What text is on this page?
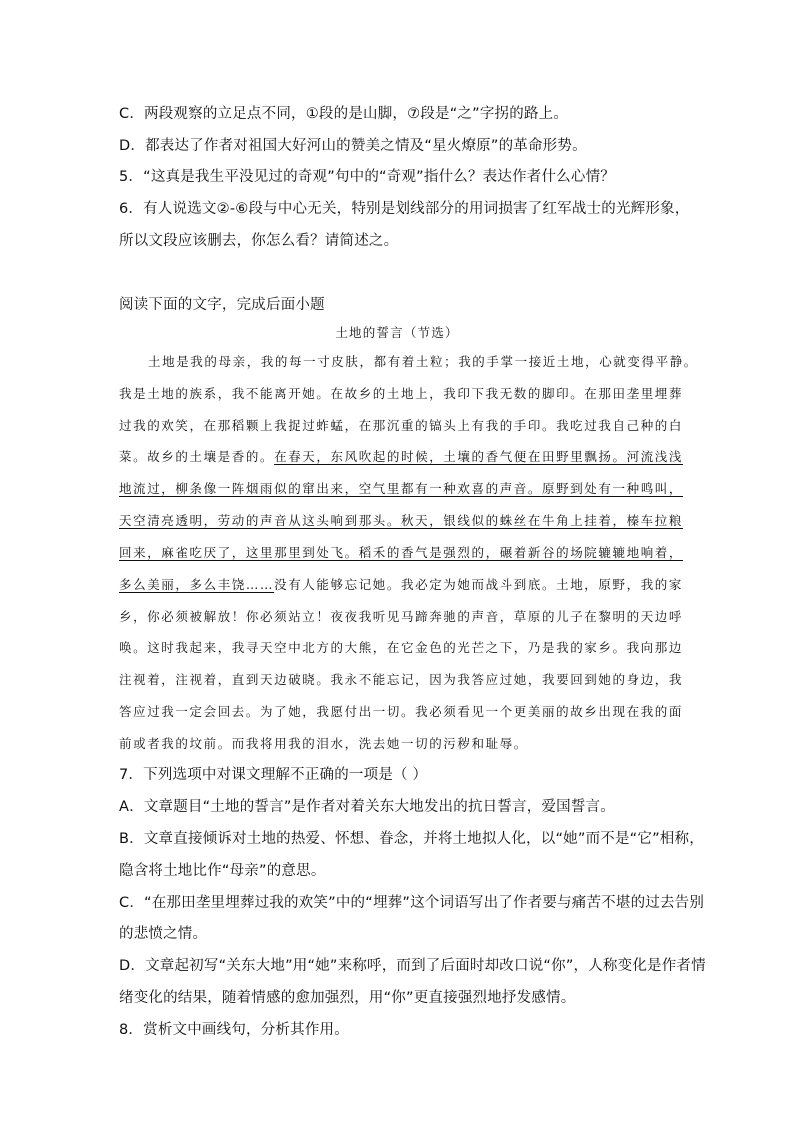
C．两段观察的立足点不同，①段的是山脚，⑦段是“之”字拐的路上。
D．都表达了作者对祖国大好河山的赞美之情及“星火燎原”的革命形势。
5．“这真是我生平没见过的奇观”句中的“奇观”指什么？表达作者什么心情？
6．有人说选文②-⑥段与中心无关，特别是划线部分的用词损害了红军战士的光辉形象，
所以文段应该删去，你怎么看？请简述之。
阅读下面的文字，完成后面小题
土地的誓言（节选）
土地是我的母亲，我的每一寸皮肤，都有着土粒；我的手掌一接近土地，心就变得平静。
我是土地的族系，我不能离开她。在故乡的土地上，我印下我无数的脚印。在那田垄里埋葬
过我的欢笑，在那稻颗上我捉过蚱蜢，在那沉重的镐头上有我的手印。我吃过我自己种的白
菜。故乡的土壤是香的。在春天，东风吹起的时候，土壤的香气便在田野里飘扬。河流浅浅
地流过，柳条像一阵烟雨似的窜出来，空气里都有一种欢喜的声音。原野到处有一种鸣叫，
天空清亮透明，劳动的声音从这头响到那头。秋天，银线似的蛛丝在牛角上挂着，榛车拉粮
回来，麻雀吃厌了，这里那里到处飞。稻禾的香气是强烈的，碾着新谷的场院辘辘地响着，
多么美丽，多么丰饶……没有人能够忘记她。我必定为她而战斗到底。土地，原野，我的家
乡，你必须被解放！你必须站立！夜夜我听见马蹄奔驰的声音，草原的儿子在黎明的天边呼
唤。这时我起来，我寻天空中北方的大熊，在它金色的光芒之下，乃是我的家乡。我向那边
注视着，注视着，直到天边破晓。我永不能忘记，因为我答应过她，我要回到她的身边，我
答应过我一定会回去。为了她，我愿付出一切。我必须看见一个更美丽的故乡出现在我的面
前或者我的坟前。而我将用我的泪水，洗去她一切的污秽和耻辱。
7．下列选项中对课文理解不正确的一项是（ ）
A．文章题目“土地的誓言”是作者对着关东大地发出的抗日誓言，爱国誓言。
B．文章直接倾诉对土地的热爱、怀想、眷念，并将土地拟人化，以“她”而不是“它”相称，
隐含将土地比作“母亲”的意思。
C．“在那田垄里埋葬过我的欢笑”中的“埋葬”这个词语写出了作者要与痛苦不堪的过去告别
的悲愤之情。
D．文章起初写“关东大地”用“她”来称呼，而到了后面时却改口说“你”，人称变化是作者情
绪变化的结果，随着情感的愈加强烈，用“你”更直接强烈地抒发感情。
8．赏析文中画线句，分析其作用。
